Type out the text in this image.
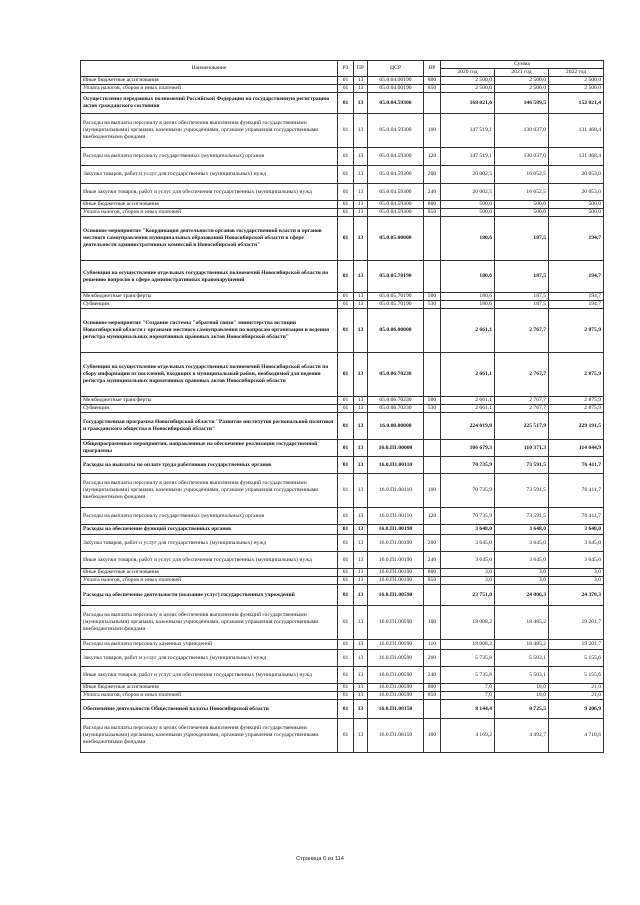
Наименование	РЗ	ПР	ЦСР	ВР	Сумма		
					2020 год	2021 год	2022 год
Иные бюджетные ассигнования	01	13	05.0.04.00190	800	2 500,0	2 500,0	2 500,0
Уплата налогов, сборов и иных платежей	01	13	05.0.04.00190	850	2 500,0	2 500,0	2 500,0
Осуществление переданных полномочий Российской Федерации на государственную регистрацию актов гражданского состояния	01	13	05.0.04.59300		168 021,6	146 589,5	152 021,4
Расходы на выплаты персоналу в целях обеспечения выполнения функций государственными (муниципальными) органами, казенными учреждениями, органами управления государственными внебюджетными фондами	01	13	05.0.04.59300	100	147 519,1	130 037,0	131 468,4
Расходы на выплаты персоналу государственных (муниципальных) органов	01	13	05.0.04.59300	120	147 519,1	130 037,0	131 468,4
Закупка товаров, работ и услуг для государственных (муниципальных) нужд	01	13	05.0.04.59300	200	20 002,5	16 052,5	20 053,0
Иные закупки товаров, работ и услуг для обеспечения государственных (муниципальных) нужд	01	13	05.0.04.59300	240	20 002,5	16 052,5	20 053,0
Иные бюджетные ассигнования	01	13	05.0.04.59300	800	500,0	500,0	500,0
Уплата налогов, сборов и иных платежей	01	13	05.0.04.59300	850	500,0	500,0	500,0
Основное мероприятие "Координация деятельности органов государственной власти и органов местного самоуправления муниципальных образований Новосибирской области в сфере деятельности административных комиссий в Новосибирской области"	01	13	05.0.05.00000		180,6	187,5	194,7
Субвенция на осуществление отдельных государственных полномочий Новосибирской области по решению вопросов в сфере административных правонарушений	01	13	05.0.05.70190		180,6	187,5	194,7
Межбюджетные трансферты	01	13	05.0.05.70190	500	180,6	187,5	194,7
Субвенции	01	13	05.0.05.70190	530	180,6	187,5	194,7
Основное мероприятие "Создание системы "обратной связи" министерства юстиции Новосибирской области с органами местного самоуправления по вопросам организации и ведения регистра муниципальных нормативных правовых актов Новосибирской области"	01	13	05.0.06.00000		2 661,1	2 767,7	2 875,9
Субвенция на осуществление отдельных государственных полномочий Новосибирской области по сбору информации от поселений, входящих в муниципальный район, необходимой для ведения регистра муниципальных нормативных правовых актов Новосибирской области	01	13	05.0.06.70230		2 661,1	2 767,7	2 875,9
Межбюджетные трансферты	01	13	05.0.06.70230	500	2 661,1	2 767,7	2 875,9
Субвенции	01	13	05.0.06.70230	530	2 661,1	2 767,7	2 875,9
Государственная программа Новосибирской области "Развитие институтов региональной политики и гражданского общества в Новосибирской области"	01	13	16.0.00.00000		224 019,0	225 517,9	229 191,5
Общепрограммные мероприятия, направленные на обеспечение реализации государственной программы	01	13	16.0.П1.00000		106 679,3	110 371,3	114 044,9
Расходы на выплаты по оплате труда работников государственных органов	01	13	16.0.П1.00110		70 735,9	73 591,5	76 411,7
Расходы на выплаты персоналу в целях обеспечения выполнения функций государственными (муниципальными) органами, казенными учреждениями, органами управления государственными внебюджетными фондами	01	13	16.0.П1.00110	100	70 735,9	73 591,5	76 411,7
Расходы на выплаты персоналу государственных (муниципальных) органов	01	13	16.0.П1.00110	120	70 735,9	73 591,5	76 411,7
Расходы на обеспечение функций государственных органов	01	13	16.0.П1.00190		3 648,0	3 648,0	3 648,0
Закупка товаров, работ и услуг для государственных (муниципальных) нужд	01	13	16.0.П1.00190	200	3 645,0	3 645,0	3 645,0
Иные закупки товаров, работ и услуг для обеспечения государственных (муниципальных) нужд	01	13	16.0.П1.00190	240	3 645,0	3 645,0	3 645,0
Иные бюджетные ассигнования	01	13	16.0.П1.00190	800	3,0	3,0	3,0
Уплата налогов, сборов и иных платежей	01	13	16.0.П1.00190	850	3,0	3,0	3,0
Расходы на обеспечение деятельности (оказание услуг) государственных учреждений	01	13	16.0.П1.00590		23 751,0	24 006,3	24 378,3
Расходы на выплаты персоналу в целях обеспечения выполнения функций государственными (муниципальными) органами, казенными учреждениями, органами управления государственными внебюджетными фондами	01	13	16.0.П1.00590	100	18 008,2	18 485,2	19 201,7
Расходы на выплаты персоналу казенных учреждений	01	13	16.0.П1.00590	110	18 008,2	18 485,2	19 201,7
Закупка товаров, работ и услуг для государственных (муниципальных) нужд	01	13	16.0.П1.00590	200	5 735,8	5 503,1	5 155,6
Иные закупки товаров, работ и услуг для обеспечения государственных (муниципальных) нужд	01	13	16.0.П1.00590	240	5 735,8	5 503,1	5 155,6
Иные бюджетные ассигнования	01	13	16.0.П1.00590	800	7,0	18,0	21,0
Уплата налогов, сборов и иных платежей	01	13	16.0.П1.00590	850	7,0	18,0	21,0
Обеспечение деятельности Общественной палаты Новосибирской области	01	13	16.0.П1.08150		8 144,4	8 725,5	9 206,9
Расходы на выплаты персоналу в целях обеспечения выполнения функций государственными (муниципальными) органами, казенными учреждениями, органами управления государственными внебюджетными фондами	01	13	16.0.П1.08150	100	4 169,2	4 492,7	4 718,6
Страница 6 из 114
